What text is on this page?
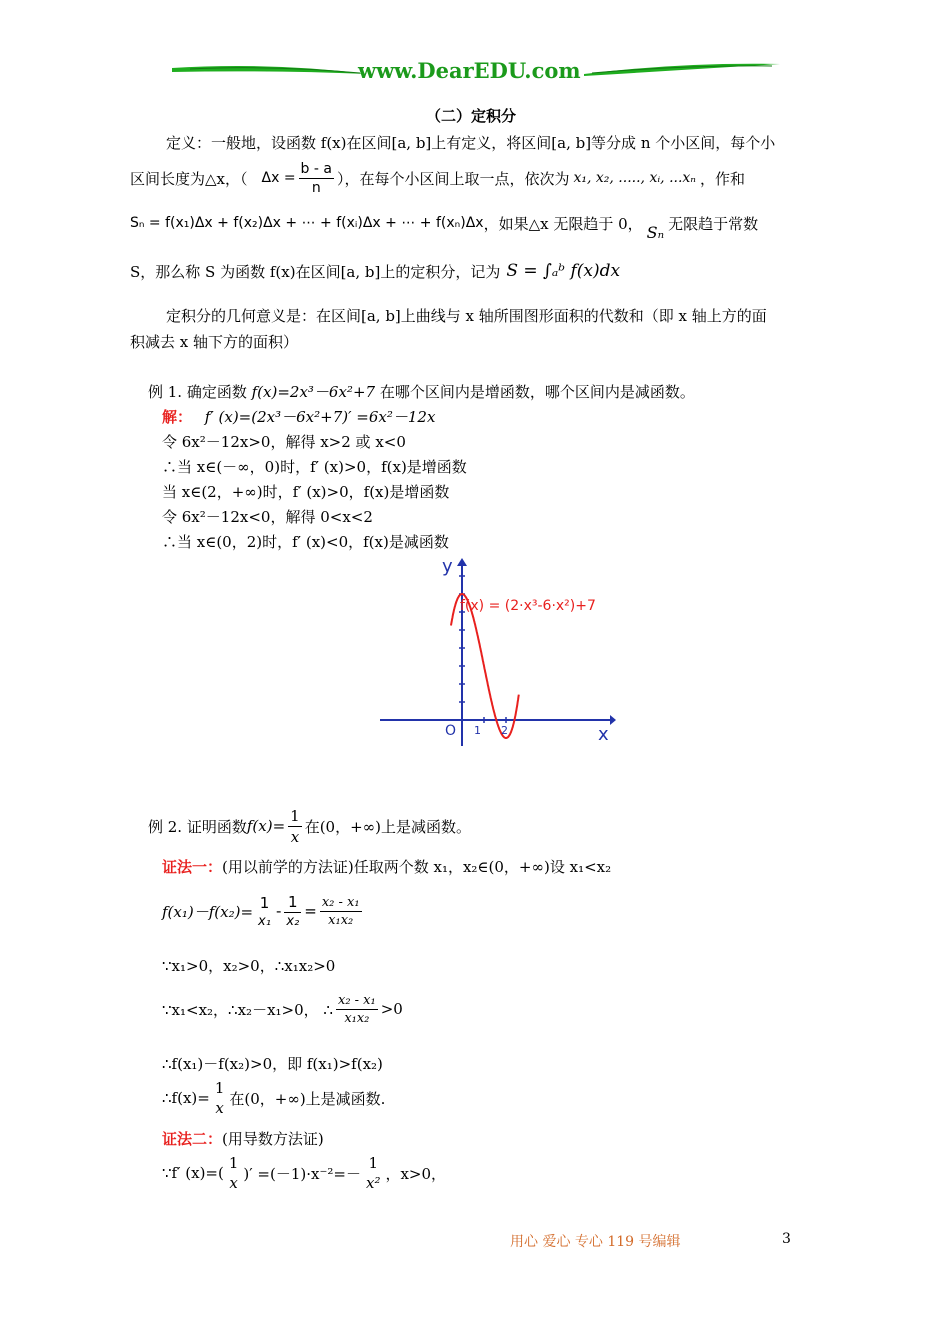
www.DearEDU.com
（二）定积分
定义：一般地，设函数 f(x)在区间[a, b]上有定义，将区间[a, b]等分成 n 个小区间，每个小
区间长度为△x，（ $\Delta x = \frac{b - a}{n}$ ），在每个小区间上取一点，依次为 x₁, x₂, ....., xᵢ, ...xₙ ，作和
Sₙ = f(x₁)Δx + f(x₂)Δx + ⋯ + f(xᵢ)Δx + ⋯ + f(xₙ)Δx ，如果△x 无限趋于 0， Sₙ 无限趋于常数
S，那么称 S 为函数 f(x)在区间[a, b]上的定积分，记为 S = ∫ₐᵇ f(x)dx
定积分的几何意义是：在区间[a, b]上曲线与 x 轴所围图形面积的代数和（即 x 轴上方的面
积减去 x 轴下方的面积）
例 1. 确定函数 f(x)=2x³－6x²+7 在哪个区间内是增函数，哪个区间内是减函数。
解： f′ (x)=(2x³－6x²+7)′ =6x²－12x
令 6x²－12x>0，解得 x>2 或 x<0
∴当 x∈(－∞，0)时，f′ (x)>0，f(x)是增函数
当 x∈(2，+∞)时，f′ (x)>0，f(x)是增函数
令 6x²－12x<0，解得 0<x<2
∴当 x∈(0，2)时，f′ (x)<0，f(x)是减函数
y
x
O 1 2
f(x) = (2·x³-6·x²)+7
例 2. 证明函数 $f(x)= \frac{1}{x}$ 在(0，+∞)上是减函数。
证法一：(用以前学的方法证)任取两个数 x₁，x₂∈(0，+∞)设 x₁<x₂
f(x₁)－f(x₂)= 1
x₁
- $\frac{1}{\text{x₂}} = \frac{\text{x₂ - x₁}}{\text{x₁x₂}}$
∵x₁>0，x₂>0，∴x₁x₂>0
∵x₁<x₂，∴x₂－x₁>0， ∴ $\frac{\text{x₂ - x₁}}{\text{x₁x₂}} >0$
∴f(x₁)－f(x₂)>0，即 f(x₁)>f(x₂)
∴f(x)=
1
x
在(0，+∞)上是减函数.
证法二：(用导数方法证)
∵f′ (x)=(
1
x
)′ =(－1)·x⁻²=－
1
x²
，x>0，
用心 爱心 专心 119 号编辑	3
